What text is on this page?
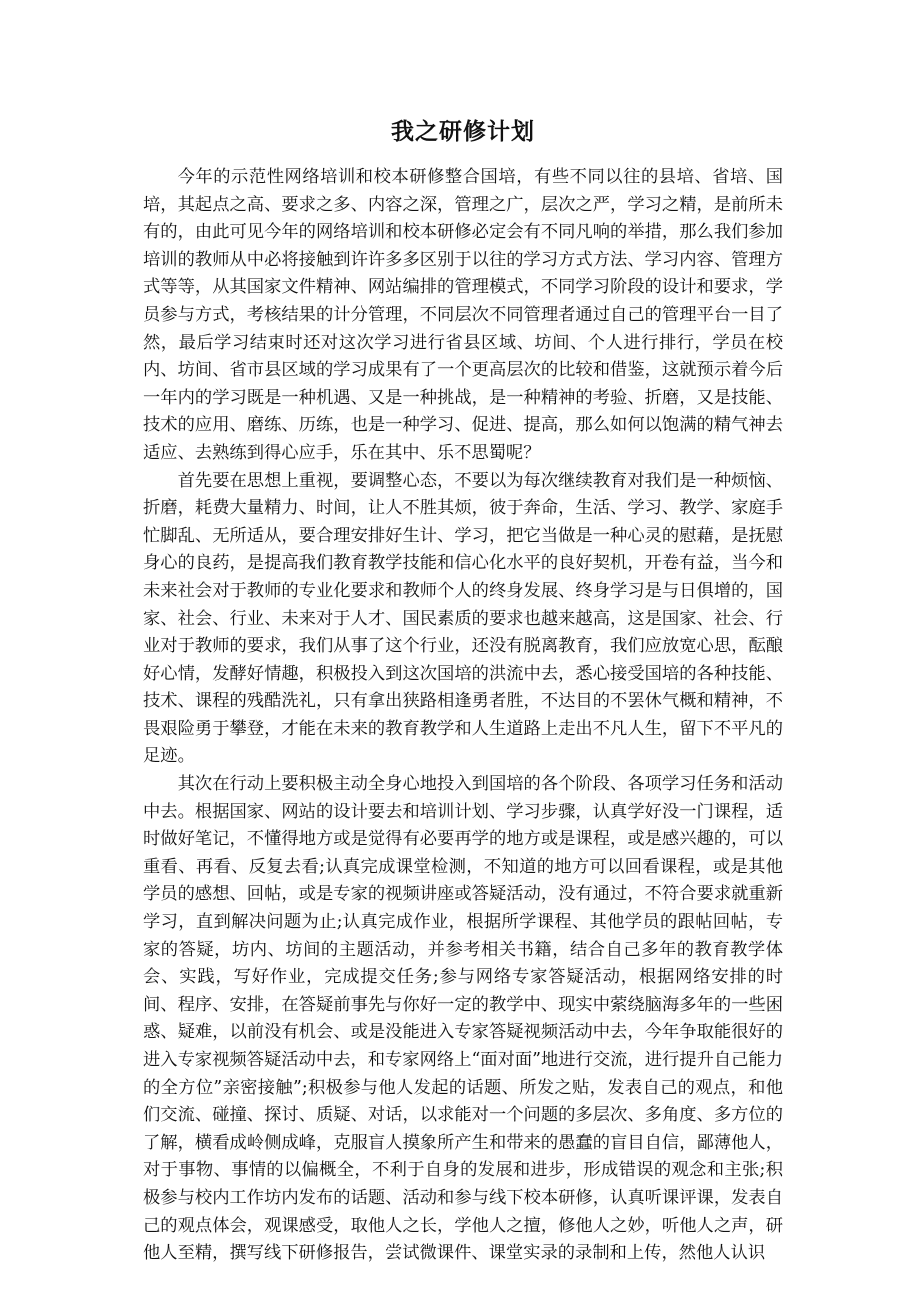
我之研修计划

今年的示范性网络培训和校本研修整合国培，有些不同以往的县培、省培、国培，其起点之高、要求之多、内容之深，管理之广，层次之严，学习之精，是前所未有的，由此可见今年的网络培训和校本研修必定会有不同凡响的举措，那么我们参加培训的教师从中必将接触到许许多多区别于以往的学习方式方法、学习内容、管理方式等等，从其国家文件精神、网站编排的管理模式，不同学习阶段的设计和要求，学员参与方式，考核结果的计分管理，不同层次不同管理者通过自己的管理平台一目了然，最后学习结束时还对这次学习进行省县区域、坊间、个人进行排行，学员在校内、坊间、省市县区域的学习成果有了一个更高层次的比较和借鉴，这就预示着今后一年内的学习既是一种机遇、又是一种挑战，是一种精神的考验、折磨，又是技能、技术的应用、磨练、历练，也是一种学习、促进、提高，那么如何以饱满的精气神去适应、去熟练到得心应手，乐在其中、乐不思蜀呢？

首先要在思想上重视，要调整心态，不要以为每次继续教育对我们是一种烦恼、折磨，耗费大量精力、时间，让人不胜其烦，彼于奔命，生活、学习、教学、家庭手忙脚乱、无所适从，要合理安排好生计、学习，把它当做是一种心灵的慰藉，是抚慰身心的良药，是提高我们教育教学技能和信心化水平的良好契机，开卷有益，当今和未来社会对于教师的专业化要求和教师个人的终身发展、终身学习是与日俱增的，国家、社会、行业、未来对于人才、国民素质的要求也越来越高，这是国家、社会、行业对于教师的要求，我们从事了这个行业，还没有脱离教育，我们应放宽心思，酝酿好心情，发酵好情趣，积极投入到这次国培的洪流中去，悉心接受国培的各种技能、技术、课程的残酷洗礼，只有拿出狭路相逢勇者胜，不达目的不罢休气概和精神，不畏艰险勇于攀登，才能在未来的教育教学和人生道路上走出不凡人生，留下不平凡的足迹。

其次在行动上要积极主动全身心地投入到国培的各个阶段、各项学习任务和活动中去。根据国家、网站的设计要去和培训计划、学习步骤，认真学好没一门课程，适时做好笔记，不懂得地方或是觉得有必要再学的地方或是课程，或是感兴趣的，可以重看、再看、反复去看;认真完成课堂检测，不知道的地方可以回看课程，或是其他学员的感想、回帖，或是专家的视频讲座或答疑活动，没有通过，不符合要求就重新学习，直到解决问题为止;认真完成作业，根据所学课程、其他学员的跟帖回帖，专家的答疑，坊内、坊间的主题活动，并参考相关书籍，结合自己多年的教育教学体会、实践，写好作业，完成提交任务;参与网络专家答疑活动，根据网络安排的时间、程序、安排，在答疑前事先与你好一定的教学中、现实中萦绕脑海多年的一些困惑、疑难，以前没有机会、或是没能进入专家答疑视频活动中去，今年争取能很好的进入专家视频答疑活动中去，和专家网络上“面对面”地进行交流，进行提升自己能力的全方位”亲密接触”;积极参与他人发起的话题、所发之贴，发表自己的观点，和他们交流、碰撞、探讨、质疑、对话，以求能对一个问题的多层次、多角度、多方位的了解，横看成岭侧成峰，克服盲人摸象所产生和带来的愚蠢的盲目自信，鄙薄他人，对于事物、事情的以偏概全，不利于自身的发展和进步，形成错误的观念和主张;积极参与校内工作坊内发布的话题、活动和参与线下校本研修，认真听课评课，发表自己的观点体会，观课感受，取他人之长，学他人之擅，修他人之妙，听他人之声，研他人至精，撰写线下研修报告，尝试微课件、课堂实录的录制和上传，然他人认识
